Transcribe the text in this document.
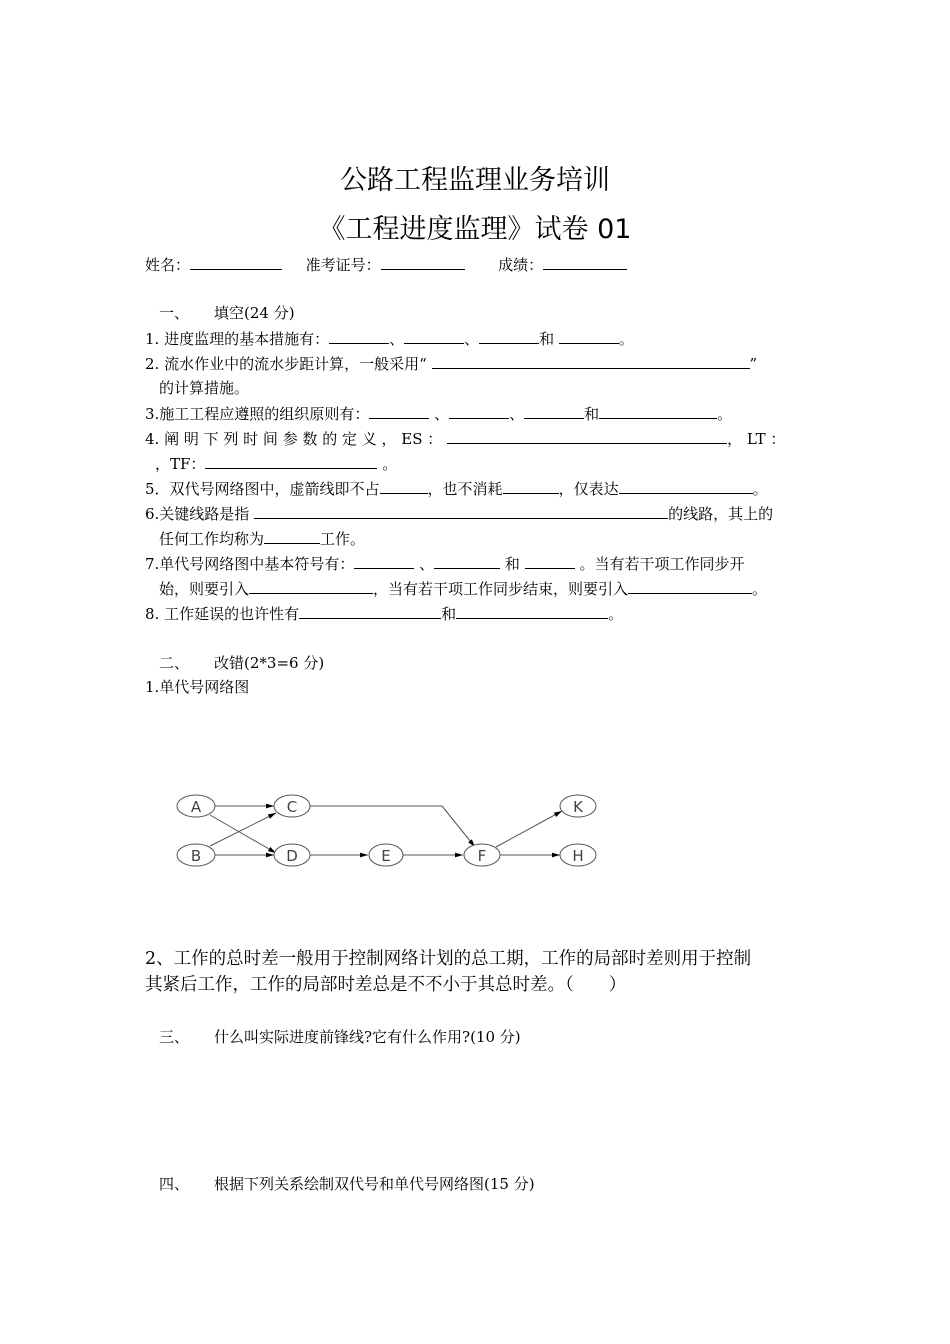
公路工程监理业务培训
《工程进度监理》试卷 01
姓名：	准考证号：	成绩：
一、 填空(24 分)
1. 进度监理的基本措施有：	、	、	和	。
2. 流水作业中的流水步距计算，一般采用“	”
的计算措施。
3.施工工程应遵照的组织原则有：	、	、	和	。
4. 阐 明 下 列 时 间 参 数 的 定 义 ， ES ：	， LT ：
，TF：	。
5．双代号网络图中，虚箭线即不占	，也不消耗	，仅表达	。
6.关键线路是指	的线路，其上的
任何工作均称为	工作。
7.单代号网络图中基本符号有：	、	和	。当有若干项工作同步开
始，则要引入	，当有若干项工作同步结束，则要引入	。
8. 工作延误的也许性有	和	。
二、 改错(2*3=6 分)
1.单代号网络图
A
B
C
D	E	F
K
H
2、工作的总时差一般用于控制网络计划的总工期，工作的局部时差则用于控制
其紧后工作，工作的局部时差总是不不小于其总时差。（　　）
三、 什么叫实际进度前锋线?它有什么作用?(10 分)
四、 根据下列关系绘制双代号和单代号网络图(15 分)
